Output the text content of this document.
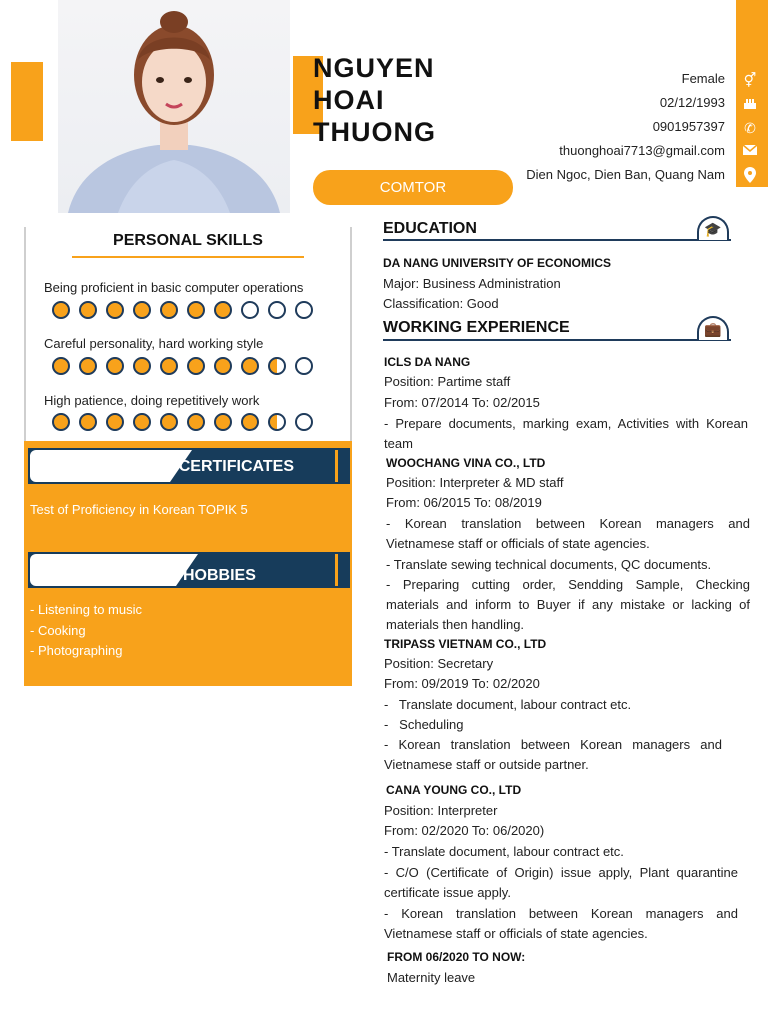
NGUYEN
HOAI
THUONG
COMTOR
Female
02/12/1993
0901957397
thuonghoai7713@gmail.com
Dien Ngoc, Dien Ban, Quang Nam
⚥
✆
PERSONAL SKILLS
Being proficient in basic computer operations
Careful personality, hard working style
High patience, doing repetitively work
CERTIFICATES
Test of Proficiency in Korean TOPIK 5
HOBBIES
- Listening to music
- Cooking
- Photographing
EDUCATION	🎓
DA NANG UNIVERSITY OF ECONOMICS
Major: Business Administration
Classification: Good
WORKING EXPERIENCE	💼
ICLS DA NANG
Position: Partime staff
From: 07/2014 To: 02/2015
- Prepare documents, marking exam, Activities with Korean team
WOOCHANG VINA CO., LTD
Position: Interpreter & MD staff
From: 06/2015 To: 08/2019
- Korean translation between Korean managers and Vietnamese staff or officials of state agencies.
- Translate sewing technical documents, QC documents.
- Preparing cutting order, Sendding Sample, Checking materials and inform to Buyer if any mistake or lacking of materials then handling.
TRIPASS VIETNAM CO., LTD
Position: Secretary
From: 09/2019 To: 02/2020
-   Translate document, labour contract etc.
-   Scheduling
- Korean translation between Korean managers and Vietnamese staff or outside partner.
CANA YOUNG CO., LTD
Position: Interpreter
From: 02/2020 To: 06/2020)
- Translate document, labour contract etc.
- C/O (Certificate of Origin) issue apply, Plant quarantine certificate issue apply.
- Korean translation between Korean managers and Vietnamese staff or officials of state agencies.
FROM 06/2020 TO NOW:
Maternity leave
